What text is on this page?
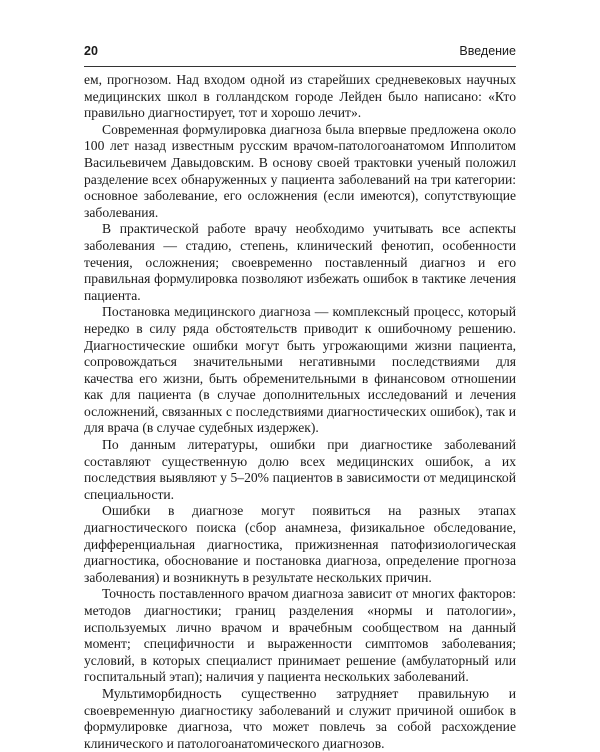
20	Введение

ем, прогнозом. Над входом одной из старейших средневековых научных медицинских школ в голландском городе Лейден было написано: «Кто правильно диагностирует, тот и хорошо лечит».

Современная формулировка диагноза была впервые предложена около 100 лет назад известным русским врачом-патологоанатомом Ипполитом Васильевичем Давыдовским. В основу своей трактовки ученый положил разделение всех обнаруженных у пациента заболеваний на три категории: основное заболевание, его осложнения (если имеются), сопутствующие заболевания.

В практической работе врачу необходимо учитывать все аспекты заболевания — стадию, степень, клинический фенотип, особенности течения, осложнения; своевременно поставленный диагноз и его правильная формулировка позволяют избежать ошибок в тактике лечения пациента.

Постановка медицинского диагноза — комплексный процесс, который нередко в силу ряда обстоятельств приводит к ошибочному решению. Диагностические ошибки могут быть угрожающими жизни пациента, сопровождаться значительными негативными последствиями для качества его жизни, быть обременительными в финансовом отношении как для пациента (в случае дополнительных исследований и лечения осложнений, связанных с последствиями диагностических ошибок), так и для врача (в случае судебных издержек).

По данным литературы, ошибки при диагностике заболеваний составляют существенную долю всех медицинских ошибок, а их последствия выявляют у 5–20% пациентов в зависимости от медицинской специальности.

Ошибки в диагнозе могут появиться на разных этапах диагностического поиска (сбор анамнеза, физикальное обследование, дифференциальная диагностика, прижизненная патофизиологическая диагностика, обоснование и постановка диагноза, определение прогноза заболевания) и возникнуть в результате нескольких причин.

Точность поставленного врачом диагноза зависит от многих факторов: методов диагностики; границ разделения «нормы и патологии», используемых лично врачом и врачебным сообществом на данный момент; специфичности и выраженности симптомов заболевания; условий, в которых специалист принимает решение (амбулаторный или госпитальный этап); наличия у пациента нескольких заболеваний.

Мультиморбидность существенно затрудняет правильную и своевременную диагностику заболеваний и служит причиной ошибок в формулировке диагноза, что может повлечь за собой расхождение клинического и патологоанатомического диагнозов.
